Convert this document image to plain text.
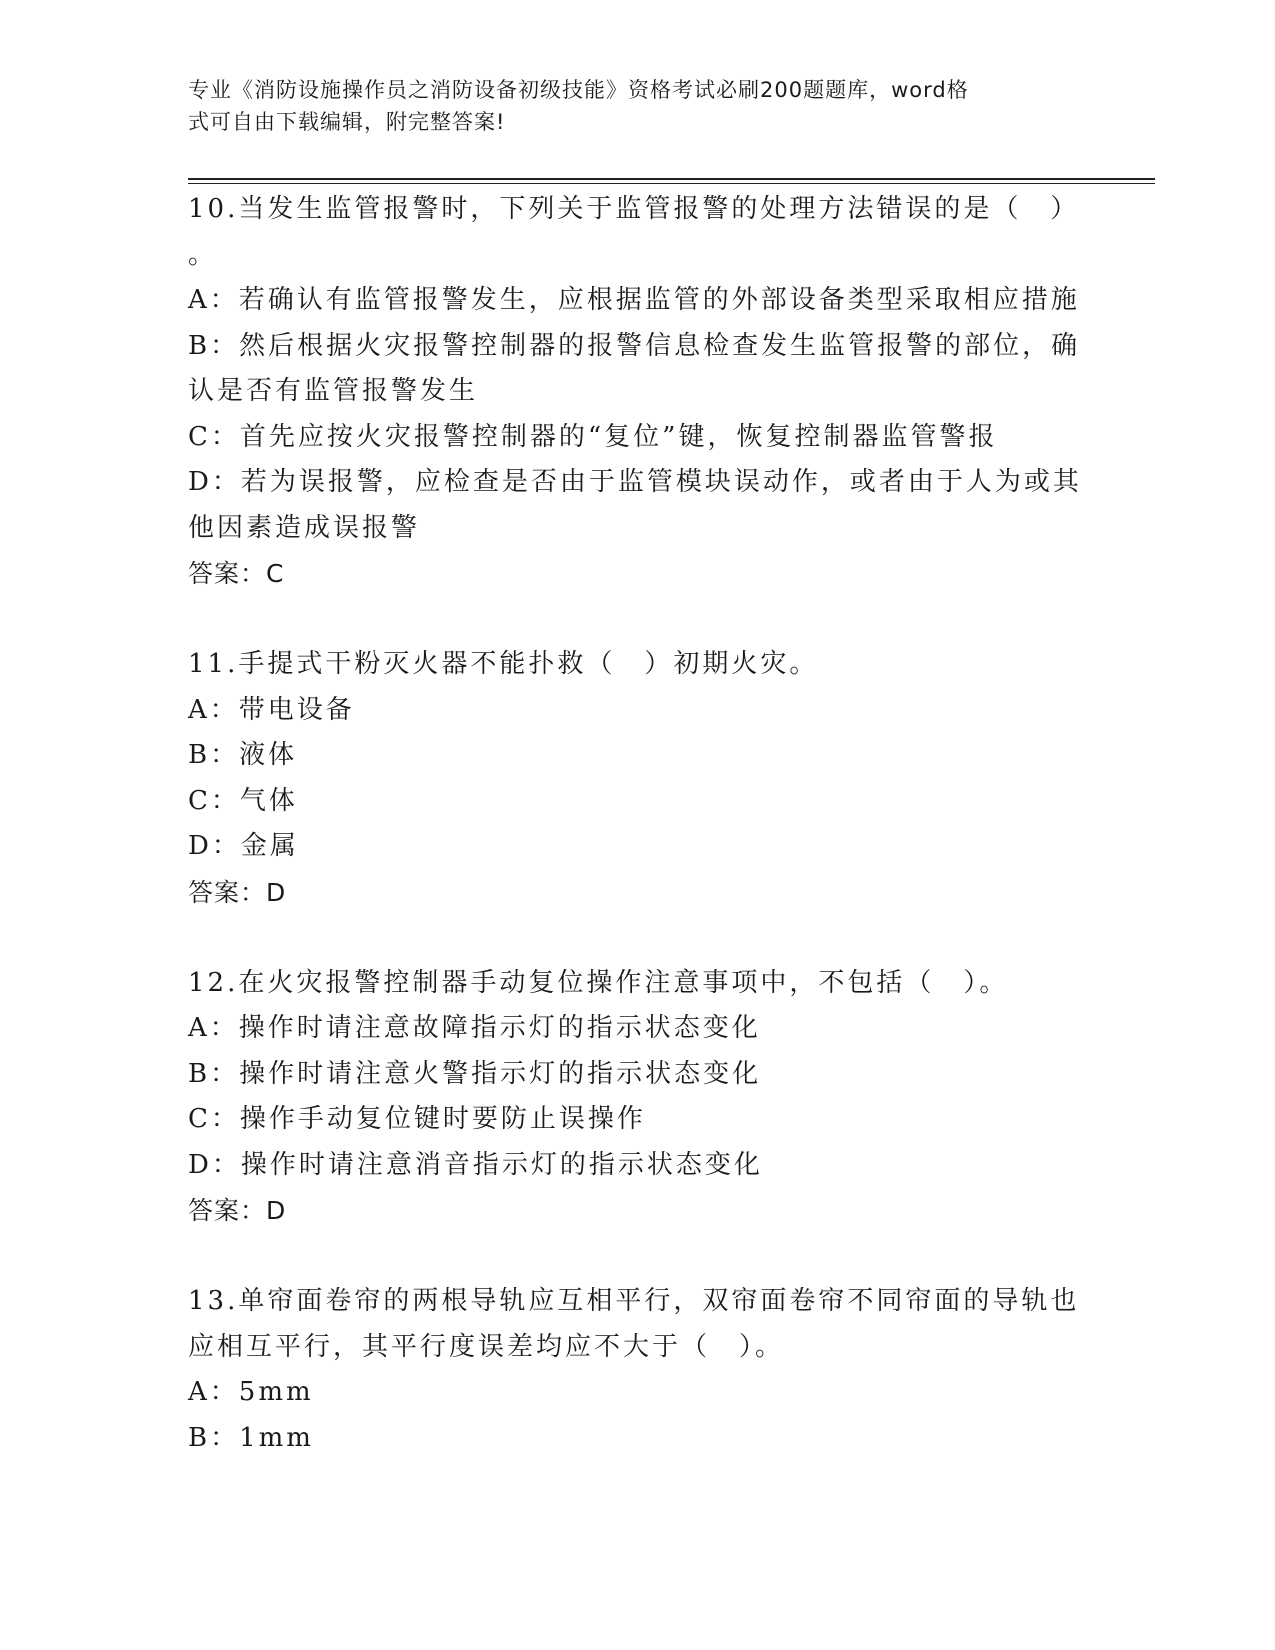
专业《消防设施操作员之消防设备初级技能》资格考试必刷200题题库，word格
式可自由下载编辑，附完整答案!
10.当发生监管报警时，下列关于监管报警的处理方法错误的是（　）
。
A：若确认有监管报警发生，应根据监管的外部设备类型采取相应措施
B：然后根据火灾报警控制器的报警信息检查发生监管报警的部位，确
认是否有监管报警发生
C：首先应按火灾报警控制器的“复位”键，恢复控制器监管警报
D：若为误报警，应检查是否由于监管模块误动作，或者由于人为或其
他因素造成误报警
答案：C
11.手提式干粉灭火器不能扑救（　）初期火灾。
A：带电设备
B：液体
C：气体
D：金属
答案：D
12.在火灾报警控制器手动复位操作注意事项中，不包括（　）。
A：操作时请注意故障指示灯的指示状态变化
B：操作时请注意火警指示灯的指示状态变化
C：操作手动复位键时要防止误操作
D：操作时请注意消音指示灯的指示状态变化
答案：D
13.单帘面卷帘的两根导轨应互相平行，双帘面卷帘不同帘面的导轨也
应相互平行，其平行度误差均应不大于（　）。
A：5mm
B：1mm
